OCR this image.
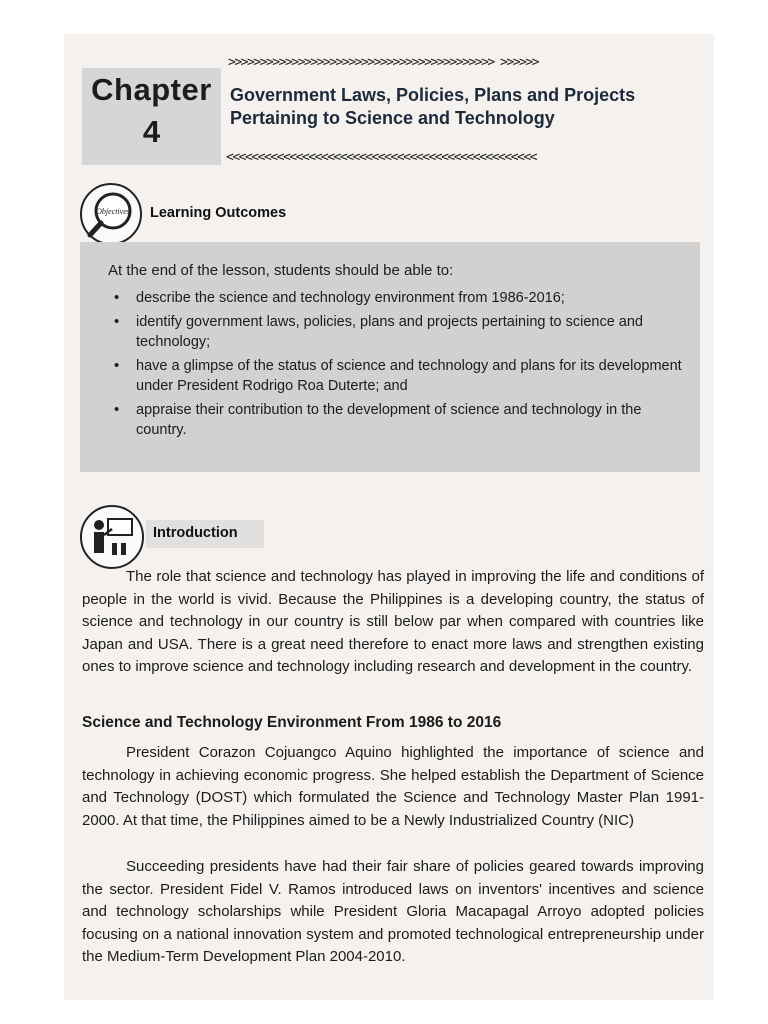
Chapter
4
>>>>>>>>>>>>>>>>>>>>>>>>>>>>>>>>>>>>>>>>>> >>>>>>
Government Laws, Policies, Plans and Projects
Pertaining to Science and Technology
<<<<<<<<<<<<<<<<<<<<<<<<<<<<<<<<<<<<<<<<<<<<<<<<<
Objectives Learning Outcomes
At the end of the lesson, students should be able to:
• describe the science and technology environment from 1986-2016;
• identify government laws, policies, plans and projects pertaining to science and technology;
• have a glimpse of the status of science and technology and plans for its development under President Rodrigo Roa Duterte; and
• appraise their contribution to the development of science and technology in the country.
Introduction

The role that science and technology has played in improving the life and conditions of people in the world is vivid. Because the Philippines is a developing country, the status of science and technology in our country is still below par when compared with countries like Japan and USA. There is a great need therefore to enact more laws and strengthen existing ones to improve science and technology including research and development in the country.

Science and Technology Environment From 1986 to 2016

President Corazon Cojuangco Aquino highlighted the importance of science and technology in achieving economic progress. She helped establish the Department of Science and Technology (DOST) which formulated the Science and Technology Master Plan 1991-2000. At that time, the Philippines aimed to be a Newly Industrialized Country (NIC)

Succeeding presidents have had their fair share of policies geared towards improving the sector. President Fidel V. Ramos introduced laws on inventors' incentives and science and technology scholarships while President Gloria Macapagal Arroyo adopted policies focusing on a national innovation system and promoted technological entrepreneurship under the Medium-Term Development Plan 2004-2010.
